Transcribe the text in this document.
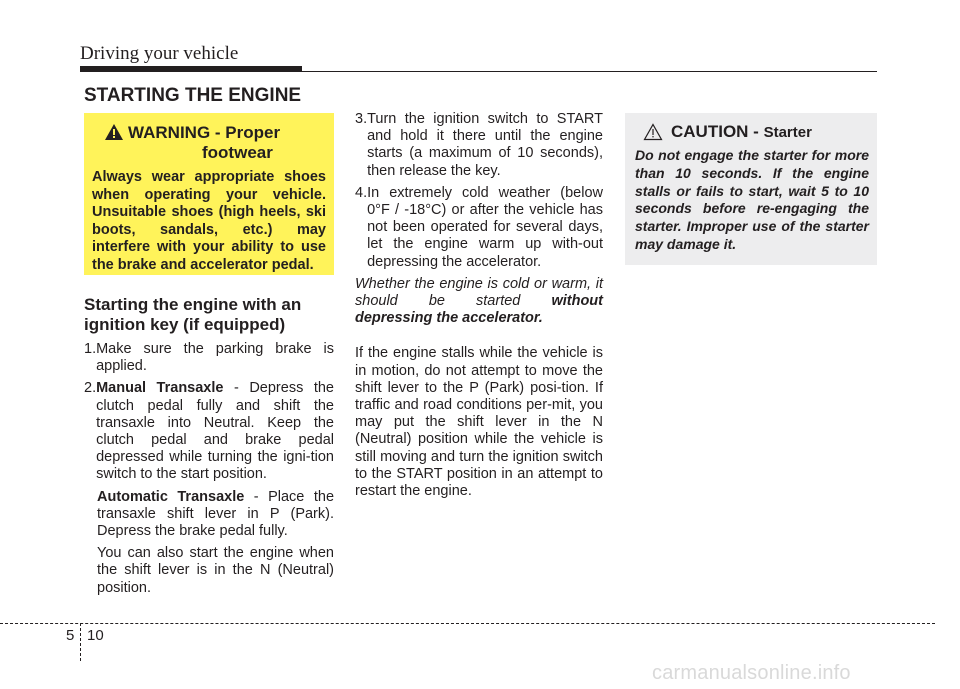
Driving your vehicle
STARTING THE ENGINE
WARNING - Proper
footwear
Always wear appropriate shoes when operating your vehicle. Unsuitable shoes (high heels, ski boots, sandals, etc.) may interfere with your ability to use the brake and accelerator pedal.
CAUTION - Starter
Do not engage the starter for more than 10 seconds. If the engine stalls or fails to start, wait 5 to 10 seconds before re-engaging the starter. Improper use of the starter may damage it.
Starting the engine with an ignition key (if equipped)
1. Make sure the parking brake is applied.
2. Manual Transaxle - Depress the clutch pedal fully and shift the transaxle into Neutral. Keep the clutch pedal and brake pedal depressed while turning the igni-tion switch to the start position.
Automatic Transaxle - Place the transaxle shift lever in P (Park). Depress the brake pedal fully.
You can also start the engine when the shift lever is in the N (Neutral) position.
3. Turn the ignition switch to START and hold it there until the engine starts (a maximum of 10 seconds), then release the key.
4. In extremely cold weather (below 0°F / -18°C) or after the vehicle has not been operated for several days, let the engine warm up with-out depressing the accelerator.
Whether the engine is cold or warm, it should be started without depressing the accelerator.
If the engine stalls while the vehicle is in motion, do not attempt to move the shift lever to the P (Park) posi-tion. If traffic and road conditions per-mit, you may put the shift lever in the N (Neutral) position while the vehicle is still moving and turn the ignition switch to the START position in an attempt to restart the engine.
5 10
carmanualsonline.info
